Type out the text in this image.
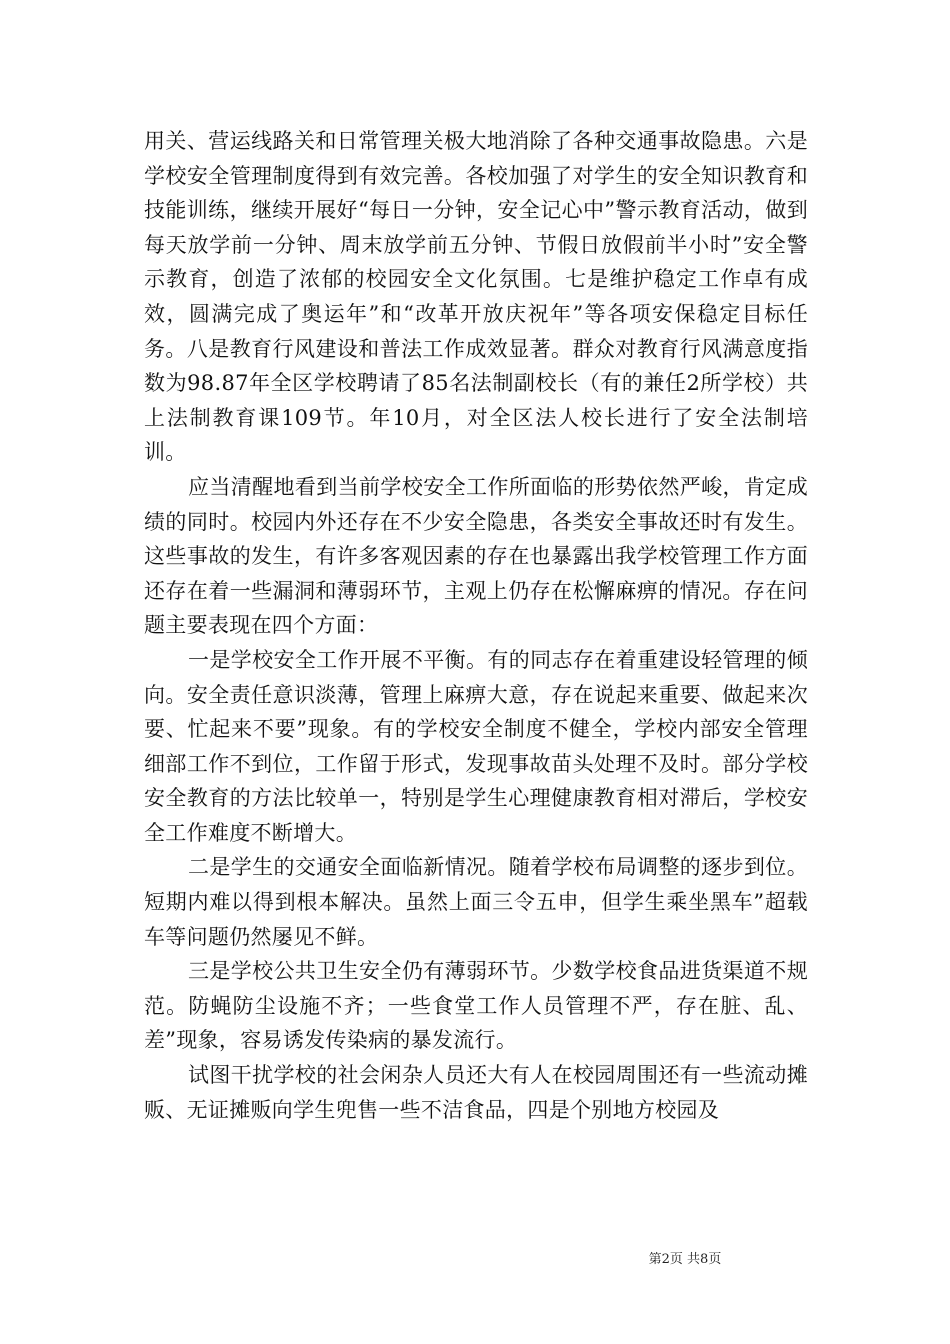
用关、营运线路关和日常管理关极大地消除了各种交通事故隐患。六是学校安全管理制度得到有效完善。各校加强了对学生的安全知识教育和技能训练，继续开展好“每日一分钟，安全记心中”警示教育活动，做到每天放学前一分钟、周末放学前五分钟、节假日放假前半小时”安全警示教育，创造了浓郁的校园安全文化氛围。七是维护稳定工作卓有成效，圆满完成了奥运年”和“改革开放庆祝年”等各项安保稳定目标任务。八是教育行风建设和普法工作成效显著。群众对教育行风满意度指数为98.87年全区学校聘请了85名法制副校长（有的兼任2所学校）共上法制教育课109节。年10月，对全区法人校长进行了安全法制培训。

应当清醒地看到当前学校安全工作所面临的形势依然严峻，肯定成绩的同时。校园内外还存在不少安全隐患，各类安全事故还时有发生。这些事故的发生，有许多客观因素的存在也暴露出我学校管理工作方面还存在着一些漏洞和薄弱环节，主观上仍存在松懈麻痹的情况。存在问题主要表现在四个方面：

一是学校安全工作开展不平衡。有的同志存在着重建设轻管理的倾向。安全责任意识淡薄，管理上麻痹大意，存在说起来重要、做起来次要、忙起来不要”现象。有的学校安全制度不健全，学校内部安全管理细部工作不到位，工作留于形式，发现事故苗头处理不及时。部分学校安全教育的方法比较单一，特别是学生心理健康教育相对滞后，学校安全工作难度不断增大。

二是学生的交通安全面临新情况。随着学校布局调整的逐步到位。短期内难以得到根本解决。虽然上面三令五申，但学生乘坐黑车”超载车等问题仍然屡见不鲜。

三是学校公共卫生安全仍有薄弱环节。少数学校食品进货渠道不规范。防蝇防尘设施不齐；一些食堂工作人员管理不严，存在脏、乱、差”现象，容易诱发传染病的暴发流行。

试图干扰学校的社会闲杂人员还大有人在校园周围还有一些流动摊贩、无证摊贩向学生兜售一些不洁食品，四是个别地方校园及

第2页 共8页
